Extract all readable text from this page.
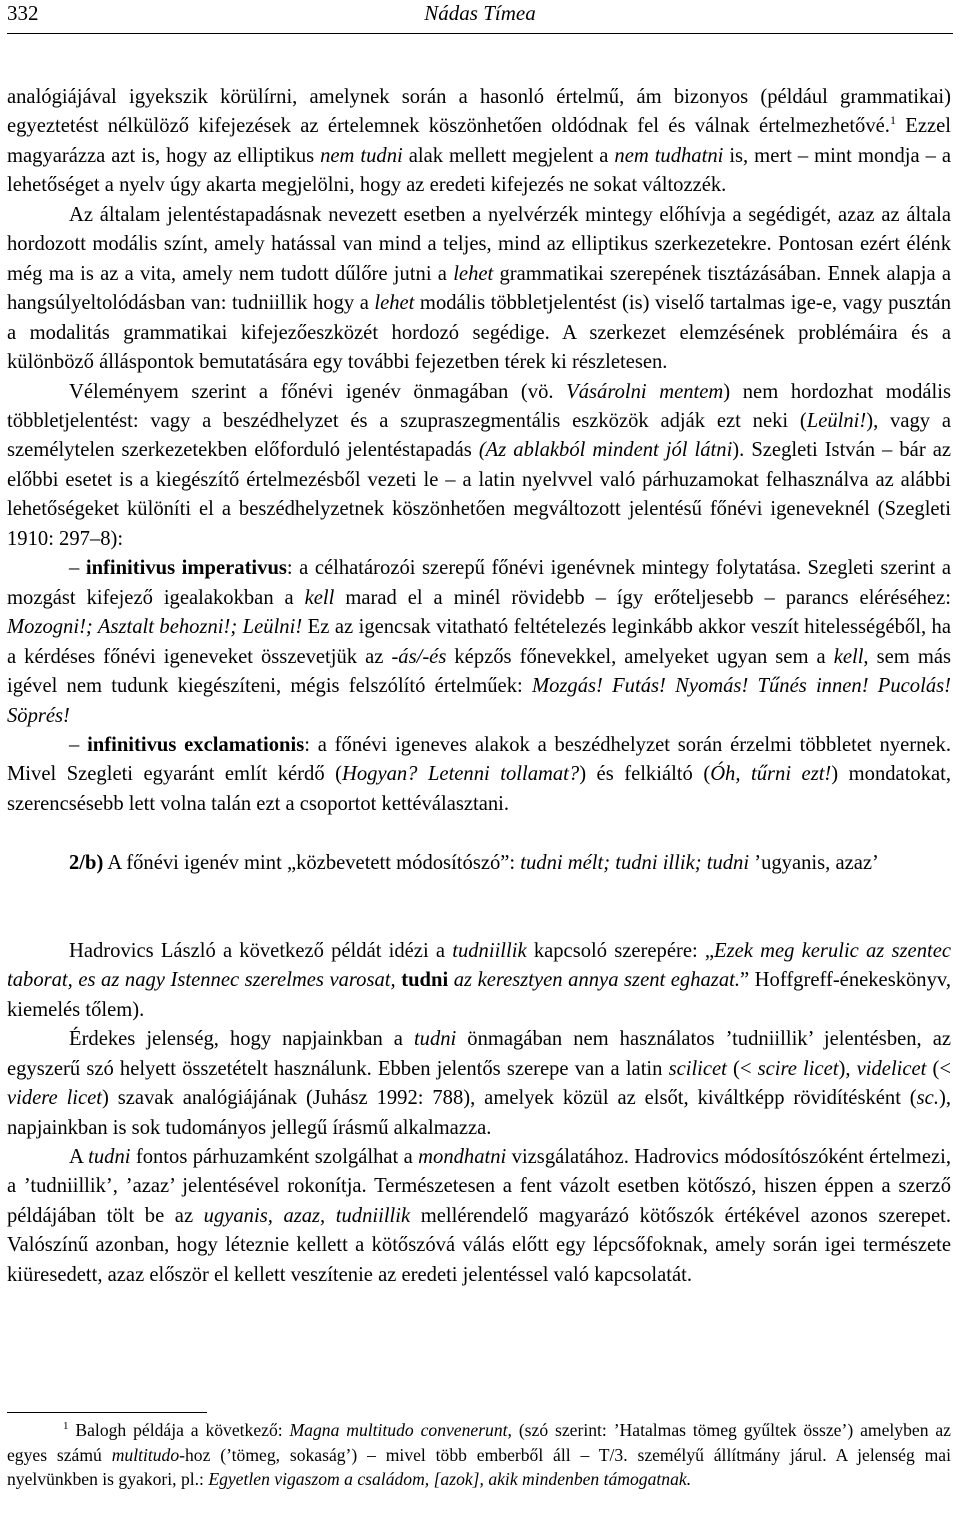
332	Nádas Tímea

analógiájával igyekszik körülírni, amelynek során a hasonló értelmű, ám bizonyos (például grammatikai) egyeztetést nélkülöző kifejezések az értelemnek köszönhetően oldódnak fel és válnak értelmezhetővé.$^1$ Ezzel magyarázza azt is, hogy az elliptikus nem tudni alak mellett megjelent a nem tudhatni is, mert – mint mondja – a lehetőséget a nyelv úgy akarta megjelölni, hogy az eredeti kifejezés ne sokat változzék.

Az általam jelentéstapadásnak nevezett esetben a nyelvérzék mintegy előhívja a segédigét, azaz az általa hordozott modális színt, amely hatással van mind a teljes, mind az elliptikus szerkezetekre. Pontosan ezért élénk még ma is az a vita, amely nem tudott dűlőre jutni a lehet grammatikai szerepének tisztázásában. Ennek alapja a hangsúlyeltolódásban van: tudniillik hogy a lehet modális többletjelentést (is) viselő tartalmas ige-e, vagy pusztán a modalitás grammatikai kifejezőeszközét hordozó segédige. A szerkezet elemzésének problémáira és a különböző álláspontok bemutatására egy további fejezetben térek ki részletesen.

Véleményem szerint a főnévi igenév önmagában (vö. Vásárolni mentem) nem hordozhat modális többletjelentést: vagy a beszédhelyzet és a szupraszegmentális eszközök adják ezt neki (Leülni!), vagy a személytelen szerkezetekben előforduló jelentéstapadás (Az ablakból mindent jól látni). Szegleti István – bár az előbbi esetet is a kiegészítő értelmezésből vezeti le – a latin nyelvvel való párhuzamokat felhasználva az alábbi lehetőségeket különíti el a beszédhelyzetnek köszönhetően megváltozott jelentésű főnévi igeneveknél (Szegleti 1910: 297–8):

– infinitivus imperativus: a célhatározói szerepű főnévi igenévnek mintegy folytatása. Szegleti szerint a mozgást kifejező igealakokban a kell marad el a minél rövidebb – így erőteljesebb – parancs eléréséhez: Mozogni!; Asztalt behozni!; Leülni! Ez az igencsak vitatható feltételezés leginkább akkor veszít hitelességéből, ha a kérdéses főnévi igeneveket összevetjük az -ás/-és képzős főnevekkel, amelyeket ugyan sem a kell, sem más igével nem tudunk kiegészíteni, mégis felszólító értelműek: Mozgás! Futás! Nyomás! Tűnés innen! Pucolás! Söprés!

– infinitivus exclamationis: a főnévi igeneves alakok a beszédhelyzet során érzelmi többletet nyernek. Mivel Szegleti egyaránt említ kérdő (Hogyan? Letenni tollamat?) és felkiáltó (Óh, tűrni ezt!) mondatokat, szerencsésebb lett volna talán ezt a csoportot kettéválasztani.

2/b) A főnévi igenév mint „közbevetett módosítószó”: tudni mélt; tudni illik; tudni ’ugyanis, azaz’

Hadrovics László a következő példát idézi a tudniillik kapcsoló szerepére: „Ezek meg kerulic az szentec taborat, es az nagy Istennec szerelmes varosat, tudni az keresztyen annya szent eghazat.” Hoffgreff-énekeskönyv, kiemelés tőlem).

Érdekes jelenség, hogy napjainkban a tudni önmagában nem használatos ’tudniillik’ jelentésben, az egyszerű szó helyett összetételt használunk. Ebben jelentős szerepe van a latin scilicet (< scire licet), videlicet (< videre licet) szavak analógiájának (Juhász 1992: 788), amelyek közül az elsőt, kiváltképp rövidítésként (sc.), napjainkban is sok tudományos jellegű írásmű alkalmazza.

A tudni fontos párhuzamként szolgálhat a mondhatni vizsgálatához. Hadrovics módosítószóként értelmezi, a ’tudniillik’, ’azaz’ jelentésével rokonítja. Természetesen a fent vázolt esetben kötőszó, hiszen éppen a szerző példájában tölt be az ugyanis, azaz, tudniillik mellérendelő magyarázó kötőszók értékével azonos szerepet. Valószínű azonban, hogy léteznie kellett a kötőszóvá válás előtt egy lépcsőfoknak, amely során igei természete kiüresedett, azaz először el kellett veszítenie az eredeti jelentéssel való kapcsolatát.

$^1$ Balogh példája a következő: Magna multitudo convenerunt, (szó szerint: ’Hatalmas tömeg gyűltek össze’) amelyben az egyes számú multitudo-hoz (’tömeg, sokaság’) – mivel több emberből áll – T/3. személyű állítmány járul. A jelenség mai nyelvünkben is gyakori, pl.: Egyetlen vigaszom a családom, [azok], akik mindenben támogatnak.
